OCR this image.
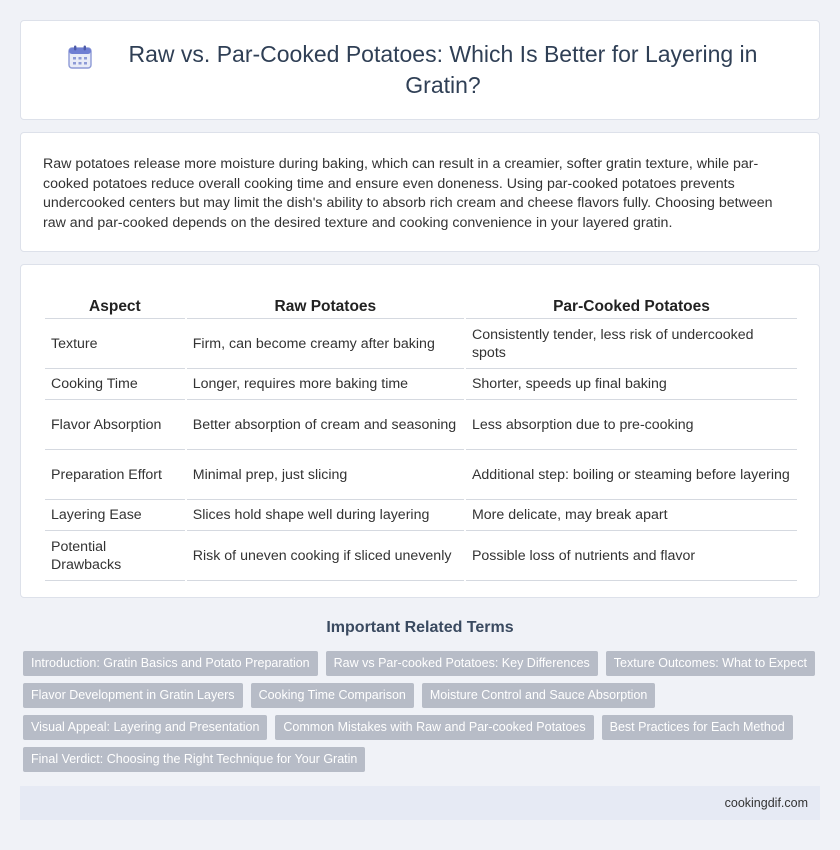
Raw vs. Par-Cooked Potatoes: Which Is Better for Layering in Gratin?

Raw potatoes release more moisture during baking, which can result in a creamier, softer gratin texture, while par-cooked potatoes reduce overall cooking time and ensure even doneness. Using par-cooked potatoes prevents undercooked centers but may limit the dish's ability to absorb rich cream and cheese flavors fully. Choosing between raw and par-cooked depends on the desired texture and cooking convenience in your layered gratin.

Aspect	Raw Potatoes	Par-Cooked Potatoes
Texture	Firm, can become creamy after baking	Consistently tender, less risk of undercooked spots
Cooking Time	Longer, requires more baking time	Shorter, speeds up final baking
Flavor Absorption	Better absorption of cream and seasoning	Less absorption due to pre-cooking
Preparation Effort	Minimal prep, just slicing	Additional step: boiling or steaming before layering
Layering Ease	Slices hold shape well during layering	More delicate, may break apart
Potential Drawbacks	Risk of uneven cooking if sliced unevenly	Possible loss of nutrients and flavor
Important Related Terms
Introduction: Gratin Basics and Potato Preparation	Raw vs Par-cooked Potatoes: Key Differences	Texture Outcomes: What to Expect
Flavor Development in Gratin Layers	Cooking Time Comparison	Moisture Control and Sauce Absorption
Visual Appeal: Layering and Presentation	Common Mistakes with Raw and Par-cooked Potatoes	Best Practices for Each Method
Final Verdict: Choosing the Right Technique for Your Gratin
cookingdif.com
